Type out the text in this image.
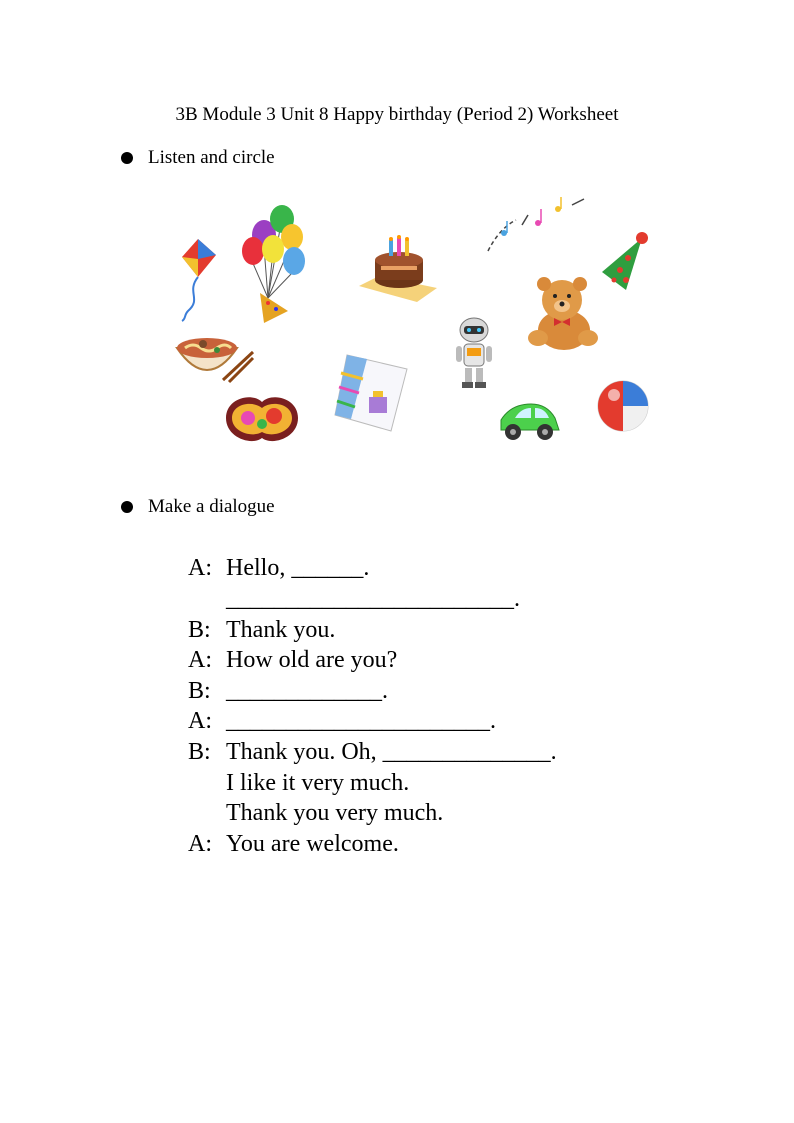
3B Module 3 Unit 8 Happy birthday (Period 2) Worksheet
Listen and circle
Make a dialogue
A: Hello, ______.
________________________.
B: Thank you.
A: How old are you?
B: _____________.
A: ______________________.
B: Thank you. Oh, ______________.
I like it very much.
Thank you very much.
A: You are welcome.
